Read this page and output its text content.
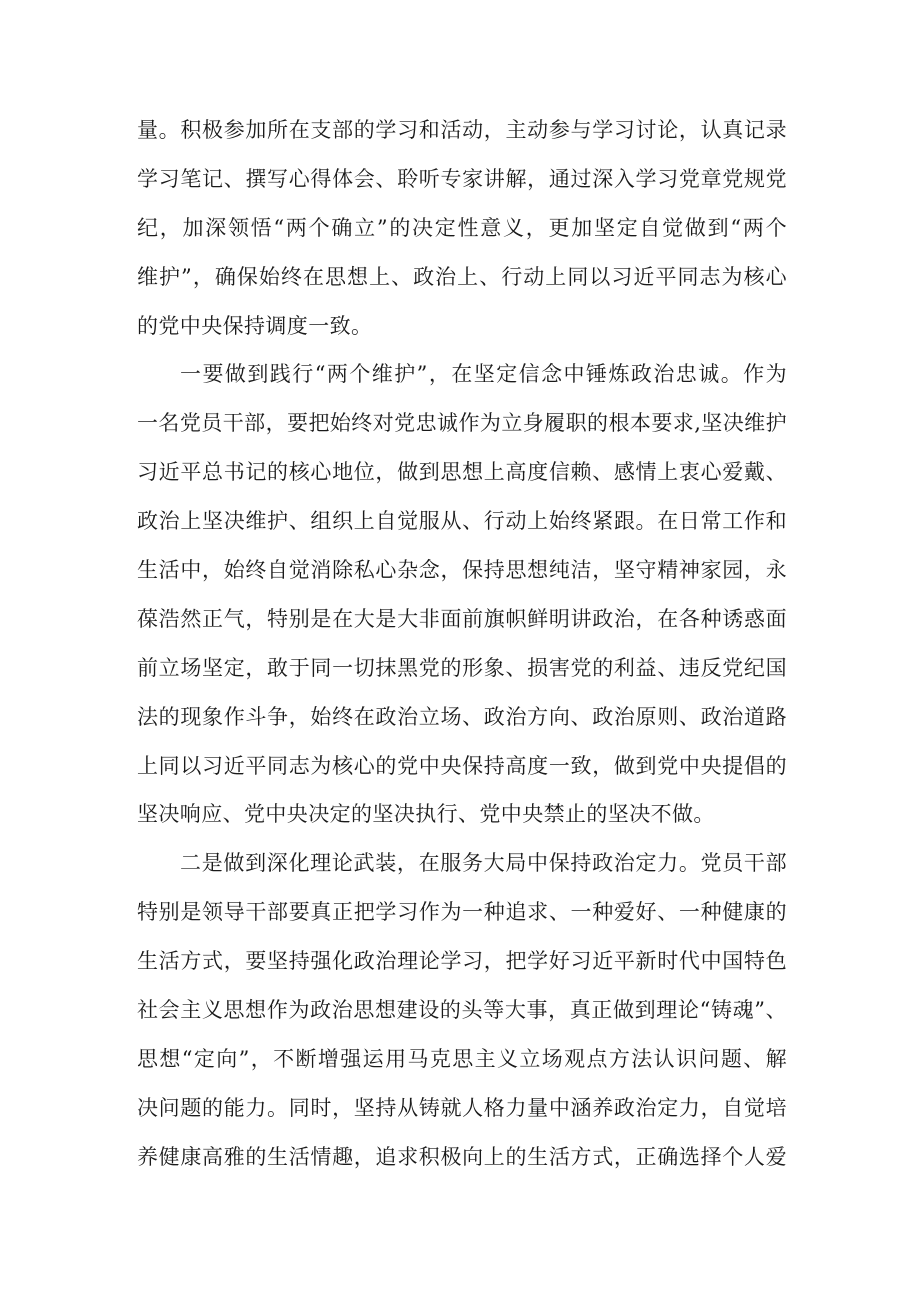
量。积极参加所在支部的学习和活动，主动参与学习讨论，认真记录
学习笔记、撰写心得体会、聆听专家讲解，通过深入学习党章党规党
纪，加深领悟“两个确立”的决定性意义，更加坚定自觉做到“两个
维护”，确保始终在思想上、政治上、行动上同以习近平同志为核心
的党中央保持调度一致。
一要做到践行“两个维护”，在坚定信念中锤炼政治忠诚。作为
一名党员干部，要把始终对党忠诚作为立身履职的根本要求,坚决维护
习近平总书记的核心地位，做到思想上高度信赖、感情上衷心爱戴、
政治上坚决维护、组织上自觉服从、行动上始终紧跟。在日常工作和
生活中，始终自觉消除私心杂念，保持思想纯洁，坚守精神家园，永
葆浩然正气，特别是在大是大非面前旗帜鲜明讲政治，在各种诱惑面
前立场坚定，敢于同一切抹黑党的形象、损害党的利益、违反党纪国
法的现象作斗争，始终在政治立场、政治方向、政治原则、政治道路
上同以习近平同志为核心的党中央保持高度一致，做到党中央提倡的
坚决响应、党中央决定的坚决执行、党中央禁止的坚决不做。
二是做到深化理论武装，在服务大局中保持政治定力。党员干部
特别是领导干部要真正把学习作为一种追求、一种爱好、一种健康的
生活方式，要坚持强化政治理论学习，把学好习近平新时代中国特色
社会主义思想作为政治思想建设的头等大事，真正做到理论“铸魂”、
思想“定向”，不断增强运用马克思主义立场观点方法认识问题、解
决问题的能力。同时，坚持从铸就人格力量中涵养政治定力，自觉培
养健康高雅的生活情趣，追求积极向上的生活方式，正确选择个人爱
